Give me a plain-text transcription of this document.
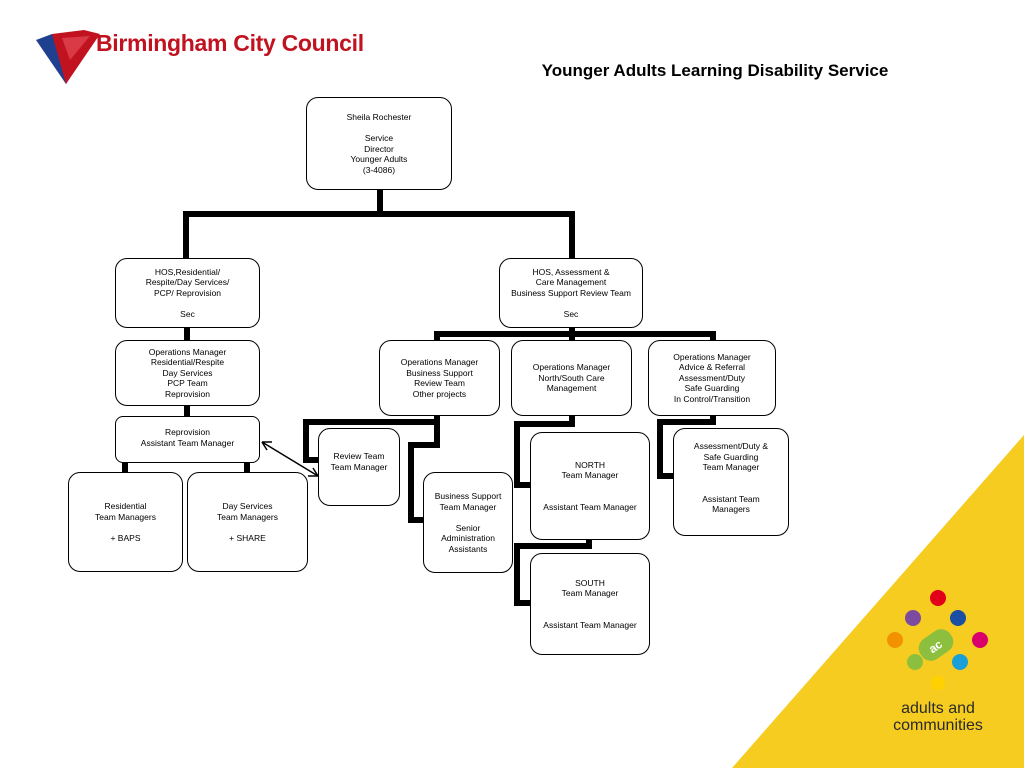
ac
Birmingham City Council
Younger Adults Learning Disability Service
adults and
communities
Sheila Rochester

Service
Director
Younger Adults
(3-4086)
HOS,Residential/
Respite/Day Services/
PCP/ Reprovision

Sec
HOS, Assessment &
Care Management
Business Support Review Team

Sec
Operations Manager
Residential/Respite
Day Services
PCP Team
Reprovision
Reprovision
Assistant Team Manager
Residential
Team Managers

+ BAPS
Day Services
Team Managers

+ SHARE
Operations Manager
Business Support
Review Team
Other projects
Review Team
Team Manager
Business Support
Team Manager

Senior Administration
Assistants
Operations Manager
North/South Care
Management
NORTH
Team Manager

Assistant Team Manager
SOUTH
Team Manager

Assistant Team Manager
Operations Manager
Advice & Referral
Assessment/Duty
Safe Guarding
In Control/Transition
Assessment/Duty &
Safe Guarding
Team Manager

Assistant Team
Managers
